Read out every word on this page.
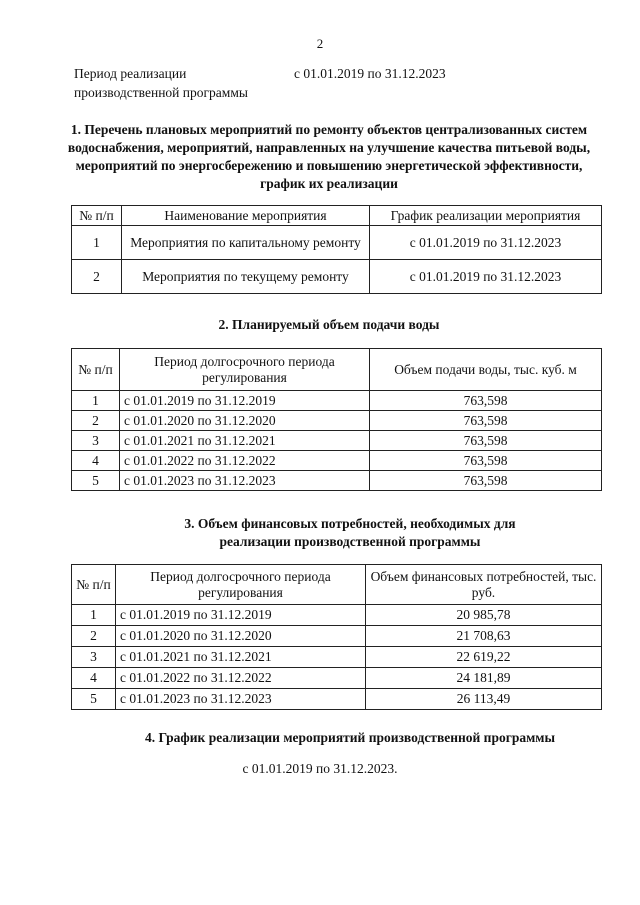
2
Период реализации	с 01.01.2019 по 31.12.2023
производственной программы
1. Перечень плановых мероприятий по ремонту объектов централизованных систем водоснабжения, мероприятий, направленных на улучшение качества питьевой воды, мероприятий по энергосбережению и повышению энергетической эффективности, график их реализации
№ п/п	Наименование мероприятия	График реализации мероприятия
1	Мероприятия по капитальному ремонту	с 01.01.2019 по 31.12.2023
2	Мероприятия по текущему ремонту	с 01.01.2019 по 31.12.2023
2. Планируемый объем подачи воды
№ п/п	Период долгосрочного периода регулирования	Объем подачи воды, тыс. куб. м
1	с 01.01.2019 по 31.12.2019	763,598
2	с 01.01.2020 по 31.12.2020	763,598
3	с 01.01.2021 по 31.12.2021	763,598
4	с 01.01.2022 по 31.12.2022	763,598
5	с 01.01.2023 по 31.12.2023	763,598
3. Объем финансовых потребностей, необходимых для реализации производственной программы
№ п/п	Период долгосрочного периода регулирования	Объем финансовых потребностей, тыс. руб.
1	с 01.01.2019 по 31.12.2019	20 985,78
2	с 01.01.2020 по 31.12.2020	21 708,63
3	с 01.01.2021 по 31.12.2021	22 619,22
4	с 01.01.2022 по 31.12.2022	24 181,89
5	с 01.01.2023 по 31.12.2023	26 113,49
4. График реализации мероприятий производственной программы
с 01.01.2019 по 31.12.2023.
